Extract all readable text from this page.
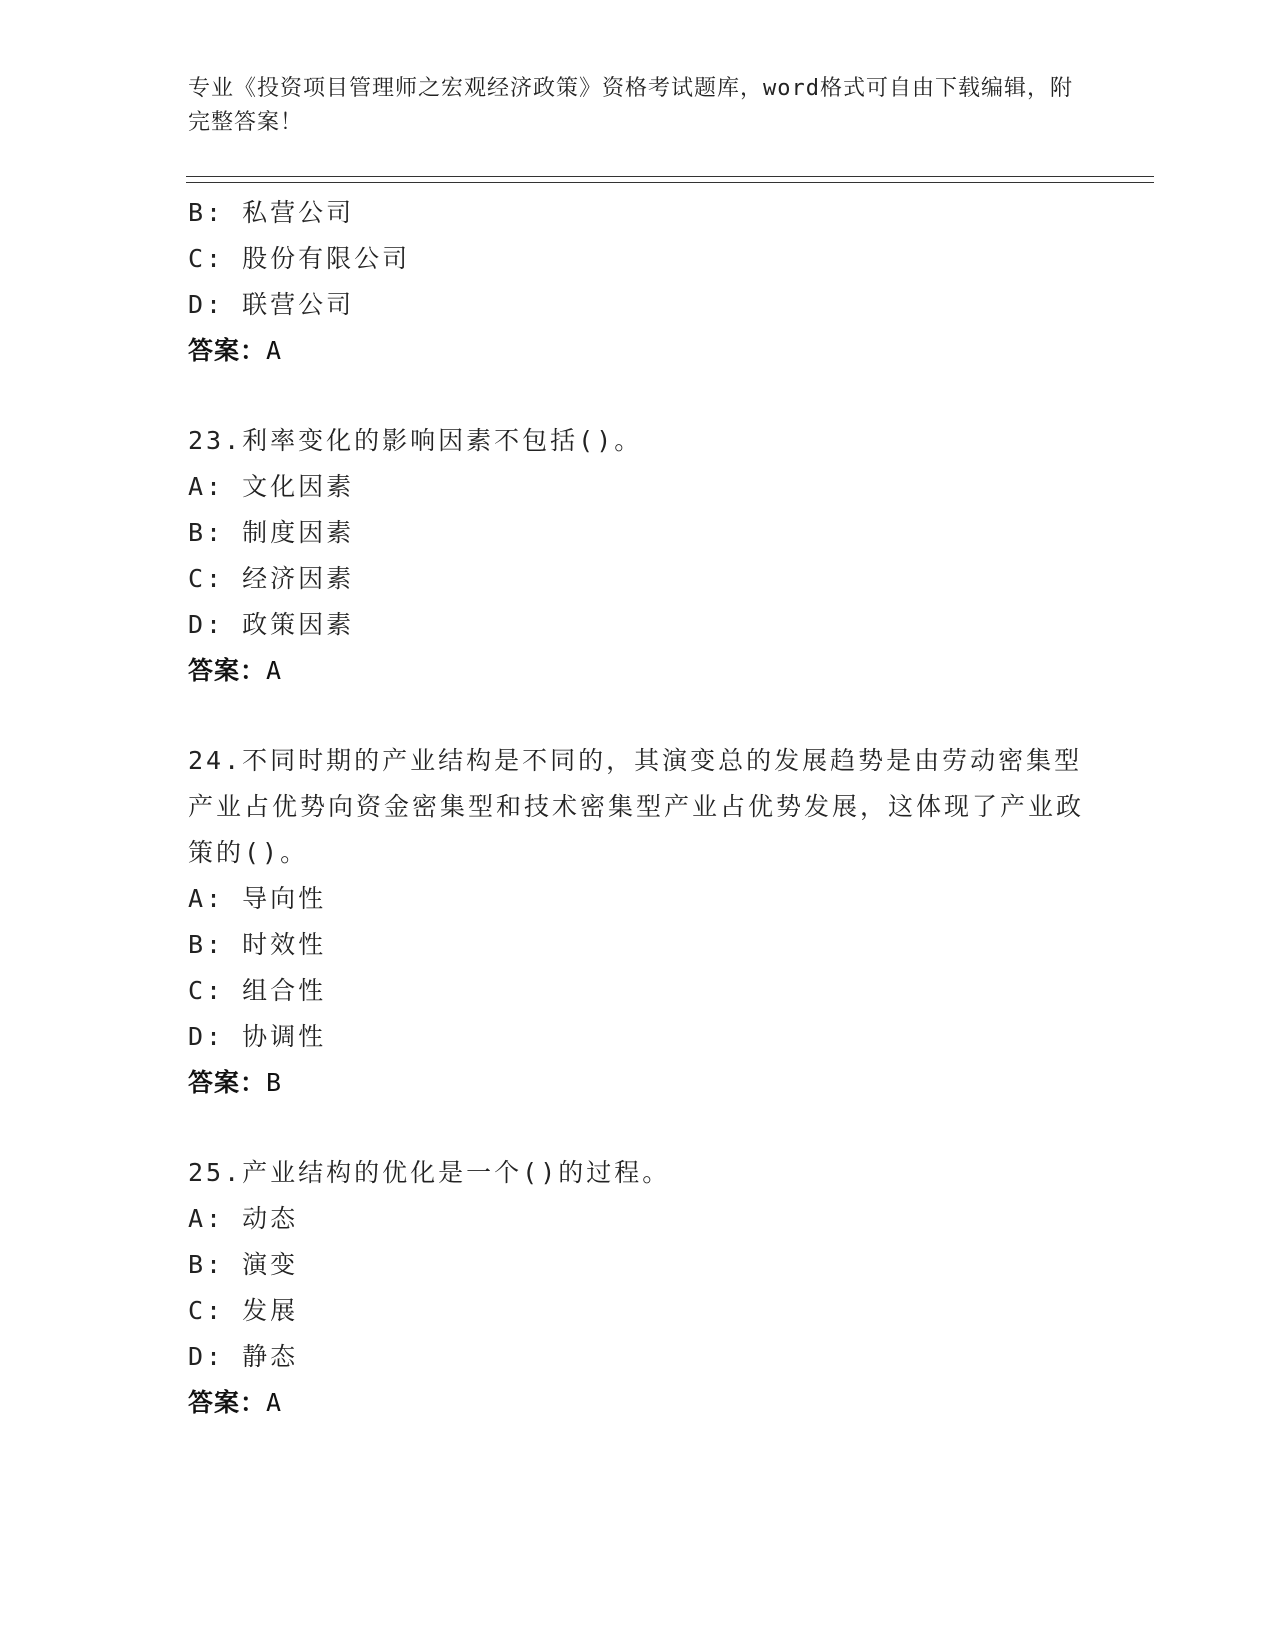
专业《投资项目管理师之宏观经济政策》资格考试题库，word格式可自由下载编辑，附完整答案！
B: 私营公司
C: 股份有限公司
D: 联营公司
答案：A
23.利率变化的影响因素不包括()。
A: 文化因素
B: 制度因素
C: 经济因素
D: 政策因素
答案：A
24.不同时期的产业结构是不同的，其演变总的发展趋势是由劳动密集型产业占优势向资金密集型和技术密集型产业占优势发展，这体现了产业政策的()。
A: 导向性
B: 时效性
C: 组合性
D: 协调性
答案：B
25.产业结构的优化是一个()的过程。
A: 动态
B: 演变
C: 发展
D: 静态
答案：A
